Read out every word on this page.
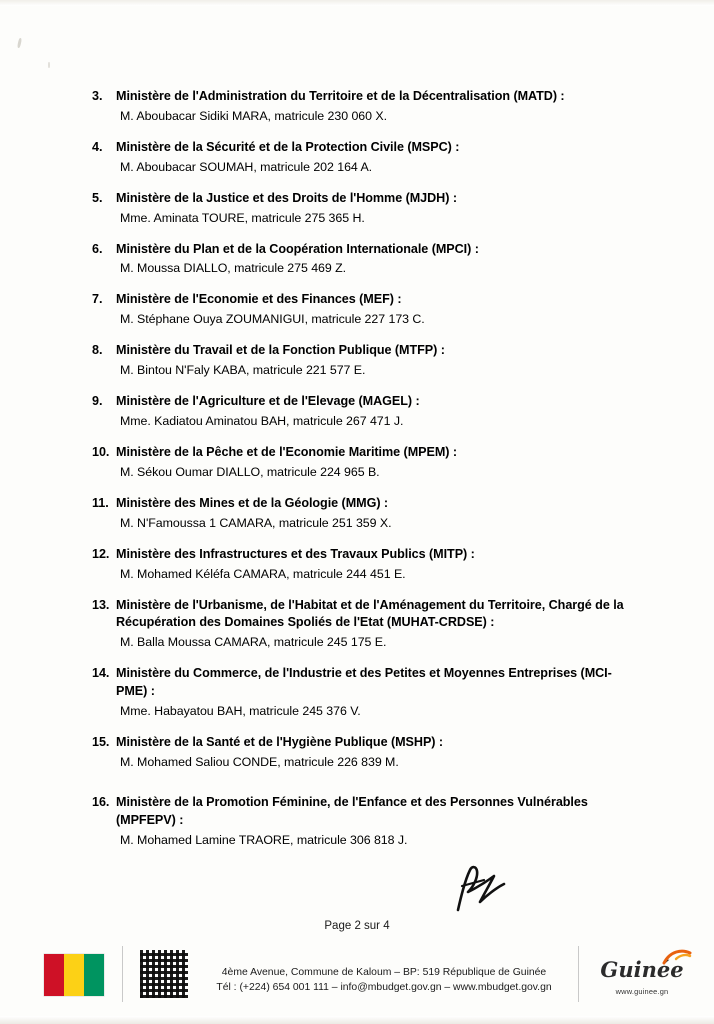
3.	Ministère de l'Administration du Territoire et de la Décentralisation (MATD) :
M. Aboubacar Sidiki MARA, matricule 230 060 X.
4.	Ministère de la Sécurité et de la Protection Civile (MSPC) :
M. Aboubacar SOUMAH, matricule 202 164 A.
5.	Ministère de la Justice et des Droits de l'Homme (MJDH) :
Mme. Aminata TOURE, matricule 275 365 H.
6.	Ministère du Plan et de la Coopération Internationale (MPCI) :
M. Moussa DIALLO, matricule 275 469 Z.
7.	Ministère de l'Economie et des Finances (MEF) :
M. Stéphane Ouya ZOUMANIGUI, matricule 227 173 C.
8.	Ministère du Travail et de la Fonction Publique (MTFP) :
M. Bintou N'Faly KABA, matricule 221 577 E.
9.	Ministère de l'Agriculture et de l'Elevage (MAGEL) :
Mme. Kadiatou Aminatou BAH, matricule 267 471 J.
10. Ministère de la Pêche et de l'Economie Maritime (MPEM) :
M. Sékou Oumar DIALLO, matricule 224 965 B.
11. Ministère des Mines et de la Géologie (MMG) :
M. N'Famoussa 1 CAMARA, matricule 251 359 X.
12. Ministère des Infrastructures et des Travaux Publics (MITP) :
M. Mohamed Kéléfa CAMARA, matricule 244 451 E.
13. Ministère de l'Urbanisme, de l'Habitat et de l'Aménagement du Territoire, Chargé de la Récupération des Domaines Spoliés de l'Etat (MUHAT-CRDSE) :
M. Balla Moussa CAMARA, matricule 245 175 E.
14. Ministère du Commerce, de l'Industrie et des Petites et Moyennes Entreprises (MCI-PME) :
Mme. Habayatou BAH, matricule 245 376 V.
15. Ministère de la Santé et de l'Hygiène Publique (MSHP) :
M. Mohamed Saliou CONDE, matricule 226 839 M.
16. Ministère de la Promotion Féminine, de l'Enfance et des Personnes Vulnérables (MPFEPV) :
M. Mohamed Lamine TRAORE, matricule 306 818 J.
Page 2 sur 4
4ème Avenue, Commune de Kaloum – BP: 519 République de Guinée
Tél : (+224) 654 001 111 – info@mbudget.gov.gn – www.mbudget.gov.gn
Guinée
www.guinee.gn
